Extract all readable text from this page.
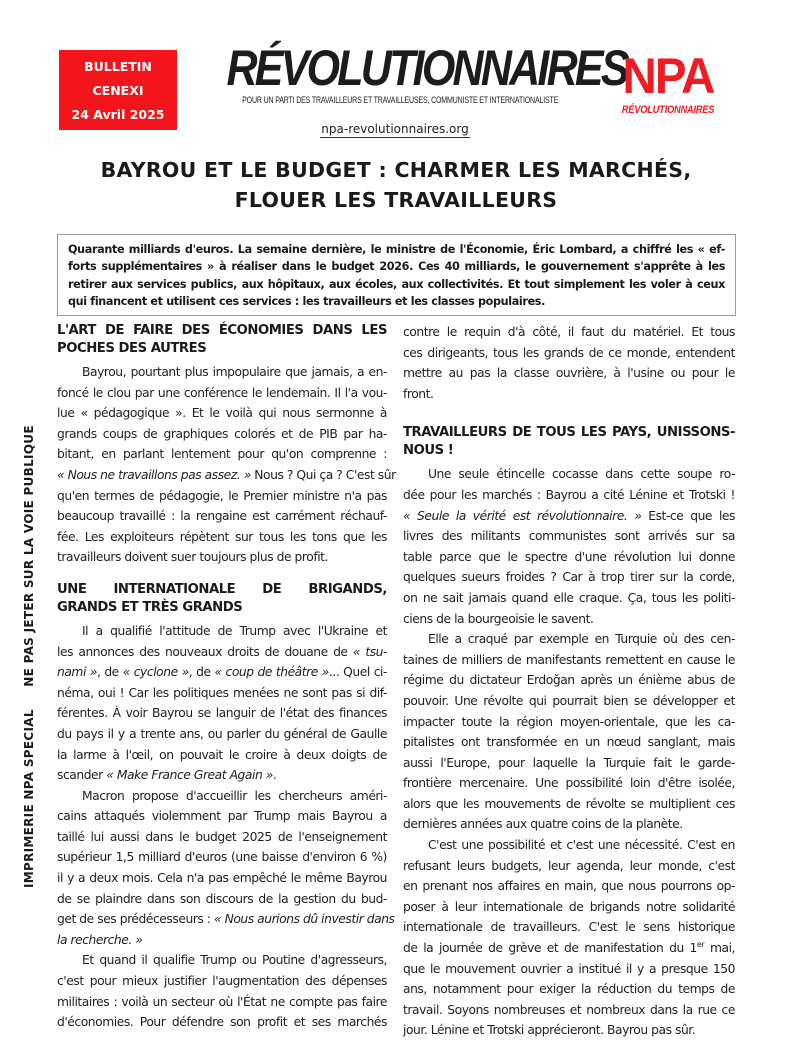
BULLETIN
CENEXI
24 Avril 2025
RÉVOLUTIONNAIRES
POUR UN PARTI DES TRAVAILLEURS ET TRAVAILLEUSES, COMMUNISTE ET INTERNATIONALISTE
npa-revolutionnaires.org
NPA
RÉVOLUTIONNAIRES
IMPRIMERIE NPA SPECIAL NE PAS JETER SUR LA VOIE PUBLIQUE
BAYROU ET LE BUDGET : CHARMER LES MARCHÉS,
FLOUER LES TRAVAILLEURS
Quarante milliards d'euros. La semaine dernière, le ministre de l'Économie, Éric Lombard, a chiffré les « ef-
forts supplémentaires » à réaliser dans le budget 2026. Ces 40 milliards, le gouvernement s'apprête à les
retirer aux services publics, aux hôpitaux, aux écoles, aux collectivités. Et tout simplement les voler à ceux
qui financent et utilisent ces services : les travailleurs et les classes populaires.
L'ART DE FAIRE DES ÉCONOMIES DANS LES
POCHES DES AUTRES
Bayrou, pourtant plus impopulaire que jamais, a en-
foncé le clou par une conférence le lendemain. Il l'a vou-
lue « pédagogique ». Et le voilà qui nous sermonne à
grands coups de graphiques colorés et de PIB par ha-
bitant, en parlant lentement pour qu'on comprenne :
« Nous ne travaillons pas assez. » Nous ? Qui ça ? C'est sûr
qu'en termes de pédagogie, le Premier ministre n'a pas
beaucoup travaillé : la rengaine est carrément réchauf-
fée. Les exploiteurs répètent sur tous les tons que les
travailleurs doivent suer toujours plus de profit.
UNE INTERNATIONALE DE BRIGANDS,
GRANDS ET TRÈS GRANDS
Il a qualifié l'attitude de Trump avec l'Ukraine et
les annonces des nouveaux droits de douane de « tsu-
nami », de « cyclone », de « coup de théâtre »... Quel ci-
néma, oui ! Car les politiques menées ne sont pas si dif-
férentes. À voir Bayrou se languir de l'état des finances
du pays il y a trente ans, ou parler du général de Gaulle
la larme à l'œil, on pouvait le croire à deux doigts de
scander « Make France Great Again ».
Macron propose d'accueillir les chercheurs améri-
cains attaqués violemment par Trump mais Bayrou a
taillé lui aussi dans le budget 2025 de l'enseignement
supérieur 1,5 milliard d'euros (une baisse d'environ 6 %)
il y a deux mois. Cela n'a pas empêché le même Bayrou
de se plaindre dans son discours de la gestion du bud-
get de ses prédécesseurs : « Nous aurions dû investir dans
la recherche. »
Et quand il qualifie Trump ou Poutine d'agresseurs,
c'est pour mieux justifier l'augmentation des dépenses
militaires : voilà un secteur où l'État ne compte pas faire
d'économies. Pour défendre son profit et ses marchés
contre le requin d'à côté, il faut du matériel. Et tous
ces dirigeants, tous les grands de ce monde, entendent
mettre au pas la classe ouvrière, à l'usine ou pour le
front.
TRAVAILLEURS DE TOUS LES PAYS, UNISSONS-
NOUS !
Une seule étincelle cocasse dans cette soupe ro-
dée pour les marchés : Bayrou a cité Lénine et Trotski !
« Seule la vérité est révolutionnaire. » Est-ce que les
livres des militants communistes sont arrivés sur sa
table parce que le spectre d'une révolution lui donne
quelques sueurs froides ? Car à trop tirer sur la corde,
on ne sait jamais quand elle craque. Ça, tous les politi-
ciens de la bourgeoisie le savent.
Elle a craqué par exemple en Turquie où des cen-
taines de milliers de manifestants remettent en cause le
régime du dictateur Erdoğan après un énième abus de
pouvoir. Une révolte qui pourrait bien se développer et
impacter toute la région moyen-orientale, que les ca-
pitalistes ont transformée en un nœud sanglant, mais
aussi l'Europe, pour laquelle la Turquie fait le garde-
frontière mercenaire. Une possibilité loin d'être isolée,
alors que les mouvements de révolte se multiplient ces
dernières années aux quatre coins de la planète.
C'est une possibilité et c'est une nécessité. C'est en
refusant leurs budgets, leur agenda, leur monde, c'est
en prenant nos affaires en main, que nous pourrons op-
poser à leur internationale de brigands notre solidarité
internationale de travailleurs. C'est le sens historique
de la journée de grève et de manifestation du 1er mai,
que le mouvement ouvrier a institué il y a presque 150
ans, notamment pour exiger la réduction du temps de
travail. Soyons nombreuses et nombreux dans la rue ce
jour. Lénine et Trotski apprécieront. Bayrou pas sûr.
